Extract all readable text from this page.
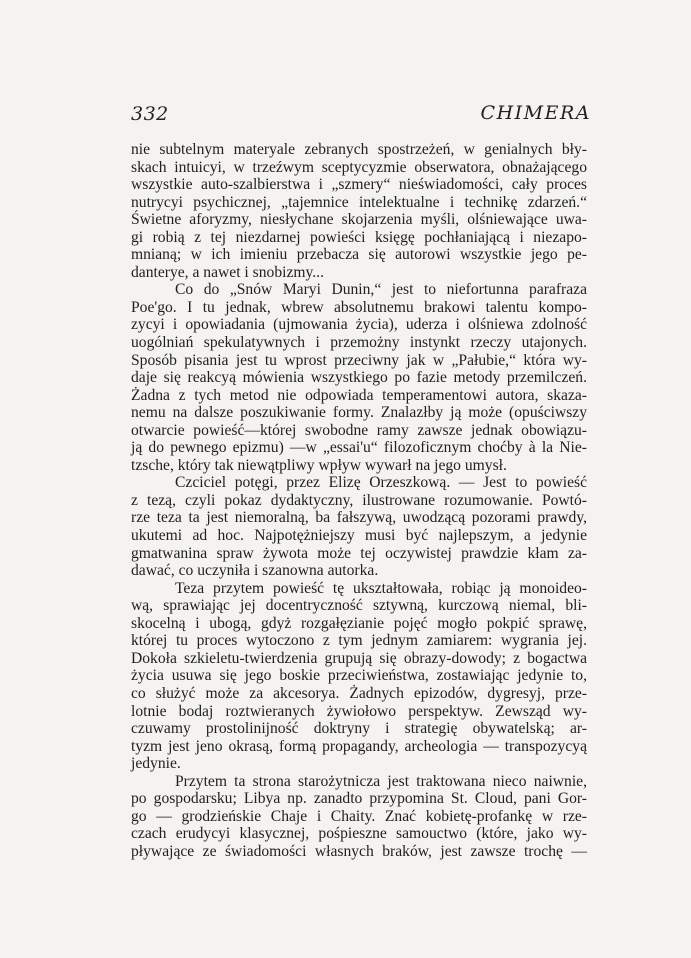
332	CHIMERA

nie subtelnym materyale zebranych spostrzeżeń, w genialnych bły-

skach intuicyi, w trzeźwym sceptycyzmie obserwatora, obnażającego

wszystkie auto-szalbierstwa i „szmery“ nieświadomości, cały proces

nutrycyi psychicznej, „tajemnice intelektualne i technikę zdarzeń.“

Świetne aforyzmy, niesłychane skojarzenia myśli, olśniewające uwa-

gi robią z tej niezdarnej powieści księgę pochłaniającą i niezapo-

mnianą; w ich imieniu przebacza się autorowi wszystkie jego pe-

danteryе, a nawet i snobizmy...

Co do „Snów Maryi Dunin,“ jest to niefortunna parafraza

Poe'go. I tu jednak, wbrew absolutnemu brakowi talentu kompo-

zycyi i opowiadania (ujmowania życia), uderza i olśniewa zdolność

uogólniań spekulatywnych i przemożny instynkt rzeczy utajonych.

Sposób pisania jest tu wprost przeciwny jak w „Pałubie,“ która wy-

daje się reakcyą mówienia wszystkiego po fazie metody przemilczeń.

Żadna z tych metod nie odpowiada temperamentowi autora, skaza-

nemu na dalsze poszukiwanie formy. Znalazłby ją może (opuściwszy

otwarcie powieść—której swobodne ramy zawsze jednak obowiązu-

ją do pewnego epizmu) —w „essai'u“ filozoficznym choćby à la Nie-

tzsche, który tak niewątpliwy wpływ wywarł na jego umysł.

Czciciel potęgi, przez Elizę Orzeszkową. — Jest to powieść

z tezą, czyli pokaz dydaktyczny, ilustrowane rozumowanie. Powtó-

rze teza ta jest niemoralną, ba fałszywą, uwodzącą pozorami prawdy,

ukutemi ad hoc. Najpotężniejszy musi być najlepszym, a jedynie

gmatwanina spraw żywota może tej oczywistej prawdzie kłam za-

dawać, co uczyniła i szanowna autorka.

Teza przytem powieść tę ukształtowała, robiąc ją monoideo-

wą, sprawiając jej docentryczność sztywną, kurczową niemal, bli-

skocelną i ubogą, gdyż rozgałęzianie pojęć mogło pokpić sprawę,

której tu proces wytoczono z tym jednym zamiarem: wygrania jej.

Dokoła szkieletu-twierdzenia grupują się obrazy-dowody; z bogactwa

życia usuwa się jego boskie przeciwieństwa, zostawiając jedynie to,

co służyć może za akcesorya. Żadnych epizodów, dygresyj, prze-

lotnie bodaj roztwieranych żywiołowo perspektyw. Zewsząd wy-

czuwamy prostolinijność doktryny i strategię obywatelską; ar-

tyzm jest jeno okrasą, formą propagandy, archeologia — transpozycyą

jedynie.

Przytem ta strona starożytnicza jest traktowana nieco naiwnie,

po gospodarsku; Libya np. zanadto przypomina St. Cloud, pani Gor-

go — grodzieńskie Chaje i Chaity. Znać kobietę-profankę w rze-

czach erudycyi klasycznej, pośpieszne samouctwo (które, jako wy-

pływające ze świadomości własnych braków, jest zawsze trochę —
